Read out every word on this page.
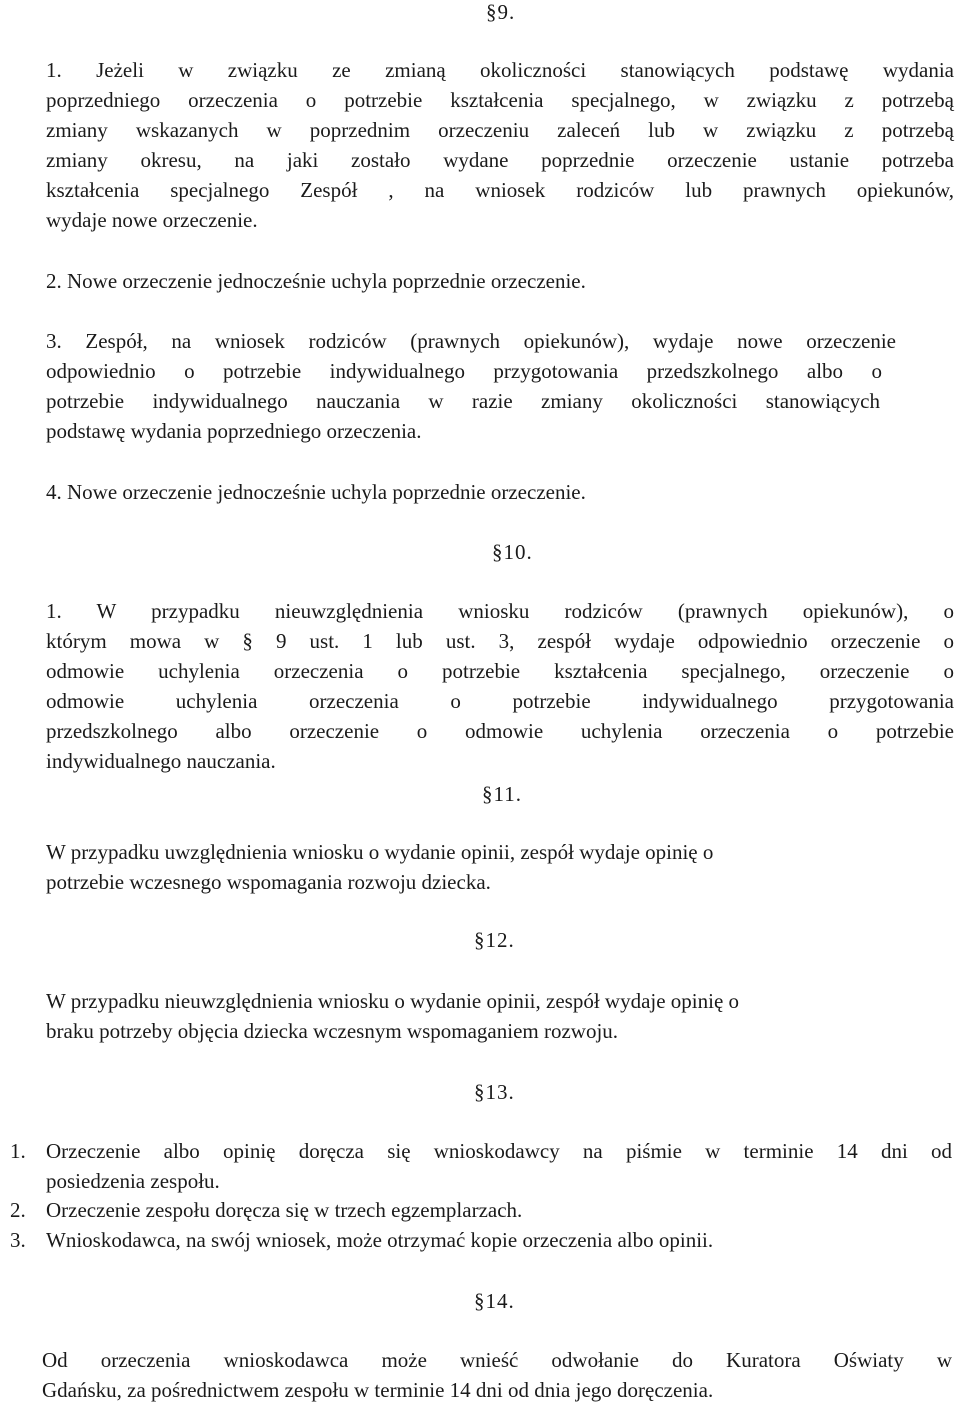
§9.
1. Jeżeli w związku ze zmianą okoliczności stanowiących podstawę wydania
poprzedniego orzeczenia o potrzebie kształcenia specjalnego, w związku z potrzebą
zmiany wskazanych w poprzednim orzeczeniu zaleceń lub w związku z potrzebą
zmiany okresu, na jaki zostało wydane poprzednie orzeczenie ustanie potrzeba
kształcenia specjalnego Zespół , na wniosek rodziców lub prawnych opiekunów,
wydaje nowe orzeczenie.
2. Nowe orzeczenie jednocześnie uchyla poprzednie orzeczenie.
3. Zespół, na wniosek rodziców (prawnych opiekunów), wydaje nowe orzeczenie
odpowiednio o potrzebie indywidualnego przygotowania przedszkolnego albo o
potrzebie indywidualnego nauczania w razie zmiany okoliczności stanowiących
podstawę wydania poprzedniego orzeczenia.
4. Nowe orzeczenie jednocześnie uchyla poprzednie orzeczenie.
§10.
1. W przypadku nieuwzględnienia wniosku rodziców (prawnych opiekunów), o
którym mowa w § 9 ust. 1 lub ust. 3, zespół wydaje odpowiednio orzeczenie o
odmowie uchylenia orzeczenia o potrzebie kształcenia specjalnego, orzeczenie o
odmowie uchylenia orzeczenia o potrzebie indywidualnego przygotowania
przedszkolnego albo orzeczenie o odmowie uchylenia orzeczenia o potrzebie
indywidualnego nauczania.
§11.
W przypadku uwzględnienia wniosku o wydanie opinii, zespół wydaje opinię o
potrzebie wczesnego wspomagania rozwoju dziecka.
§12.
W przypadku nieuwzględnienia wniosku o wydanie opinii, zespół wydaje opinię o
braku potrzeby objęcia dziecka wczesnym wspomaganiem rozwoju.
§13.
1. Orzeczenie albo opinię doręcza się wnioskodawcy na piśmie w terminie 14 dni od
posiedzenia zespołu.
2. Orzeczenie zespołu doręcza się w trzech egzemplarzach.
3. Wnioskodawca, na swój wniosek, może otrzymać kopie orzeczenia albo opinii.
§14.
Od orzeczenia wnioskodawca może wnieść odwołanie do Kuratora Oświaty w
Gdańsku, za pośrednictwem zespołu w terminie 14 dni od dnia jego doręczenia.
